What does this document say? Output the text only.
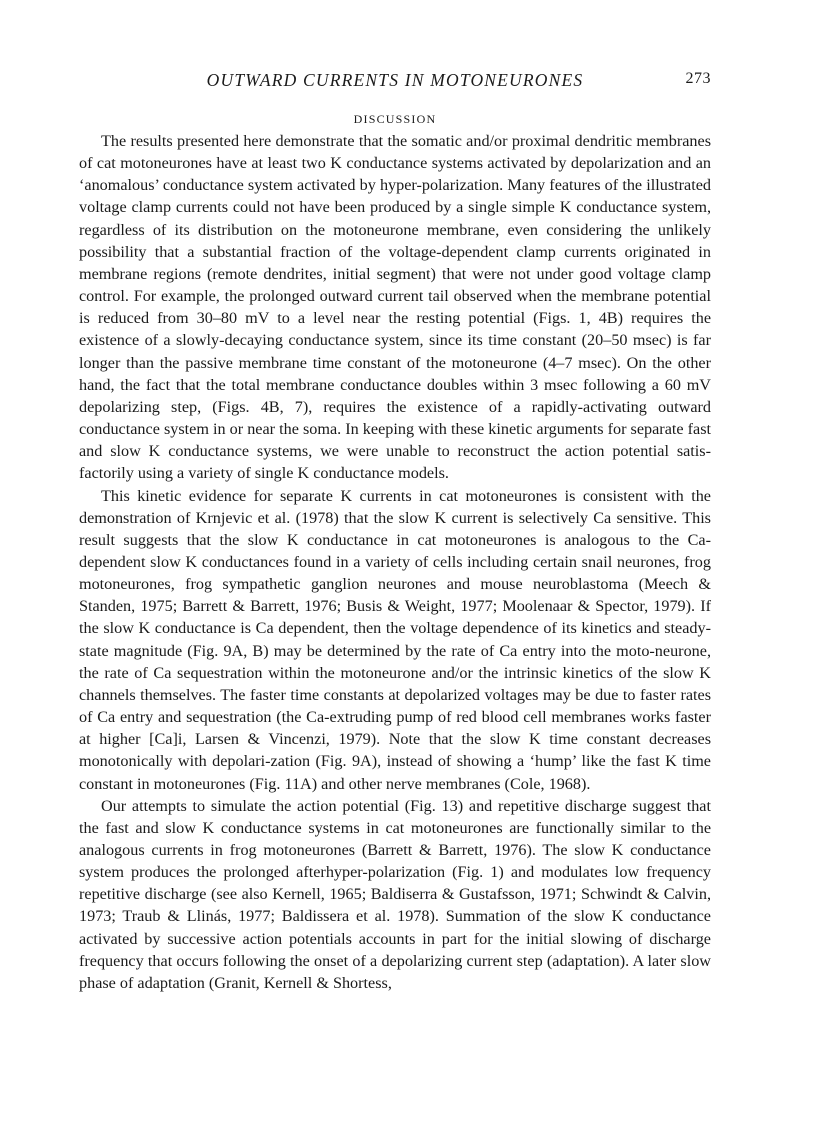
OUTWARD CURRENTS IN MOTONEURONES	273
DISCUSSION

The results presented here demonstrate that the somatic and/or proximal dendritic membranes of cat motoneurones have at least two K conductance systems activated by depolarization and an ‘anomalous’ conductance system activated by hyper-polarization. Many features of the illustrated voltage clamp currents could not have been produced by a single simple K conductance system, regardless of its distribution on the motoneurone membrane, even considering the unlikely possibility that a substantial fraction of the voltage-dependent clamp currents originated in membrane regions (remote dendrites, initial segment) that were not under good voltage clamp control. For example, the prolonged outward current tail observed when the membrane potential is reduced from 30–80 mV to a level near the resting potential (Figs. 1, 4B) requires the existence of a slowly-decaying conductance system, since its time constant (20–50 msec) is far longer than the passive membrane time constant of the motoneurone (4–7 msec). On the other hand, the fact that the total membrane conductance doubles within 3 msec following a 60 mV depolarizing step, (Figs. 4B, 7), requires the existence of a rapidly-activating outward conductance system in or near the soma. In keeping with these kinetic arguments for separate fast and slow K conductance systems, we were unable to reconstruct the action potential satis-factorily using a variety of single K conductance models.

This kinetic evidence for separate K currents in cat motoneurones is consistent with the demonstration of Krnjevic et al. (1978) that the slow K current is selectively Ca sensitive. This result suggests that the slow K conductance in cat motoneurones is analogous to the Ca-dependent slow K conductances found in a variety of cells including certain snail neurones, frog motoneurones, frog sympathetic ganglion neurones and mouse neuroblastoma (Meech & Standen, 1975; Barrett & Barrett, 1976; Busis & Weight, 1977; Moolenaar & Spector, 1979). If the slow K conductance is Ca dependent, then the voltage dependence of its kinetics and steady-state magnitude (Fig. 9A, B) may be determined by the rate of Ca entry into the moto-neurone, the rate of Ca sequestration within the motoneurone and/or the intrinsic kinetics of the slow K channels themselves. The faster time constants at depolarized voltages may be due to faster rates of Ca entry and sequestration (the Ca-extruding pump of red blood cell membranes works faster at higher [Ca]i, Larsen & Vincenzi, 1979). Note that the slow K time constant decreases monotonically with depolari-zation (Fig. 9A), instead of showing a ‘hump’ like the fast K time constant in motoneurones (Fig. 11A) and other nerve membranes (Cole, 1968).

Our attempts to simulate the action potential (Fig. 13) and repetitive discharge suggest that the fast and slow K conductance systems in cat motoneurones are functionally similar to the analogous currents in frog motoneurones (Barrett & Barrett, 1976). The slow K conductance system produces the prolonged afterhyper-polarization (Fig. 1) and modulates low frequency repetitive discharge (see also Kernell, 1965; Baldiserra & Gustafsson, 1971; Schwindt & Calvin, 1973; Traub & Llinás, 1977; Baldissera et al. 1978). Summation of the slow K conductance activated by successive action potentials accounts in part for the initial slowing of discharge frequency that occurs following the onset of a depolarizing current step (adaptation). A later slow phase of adaptation (Granit, Kernell & Shortess,
